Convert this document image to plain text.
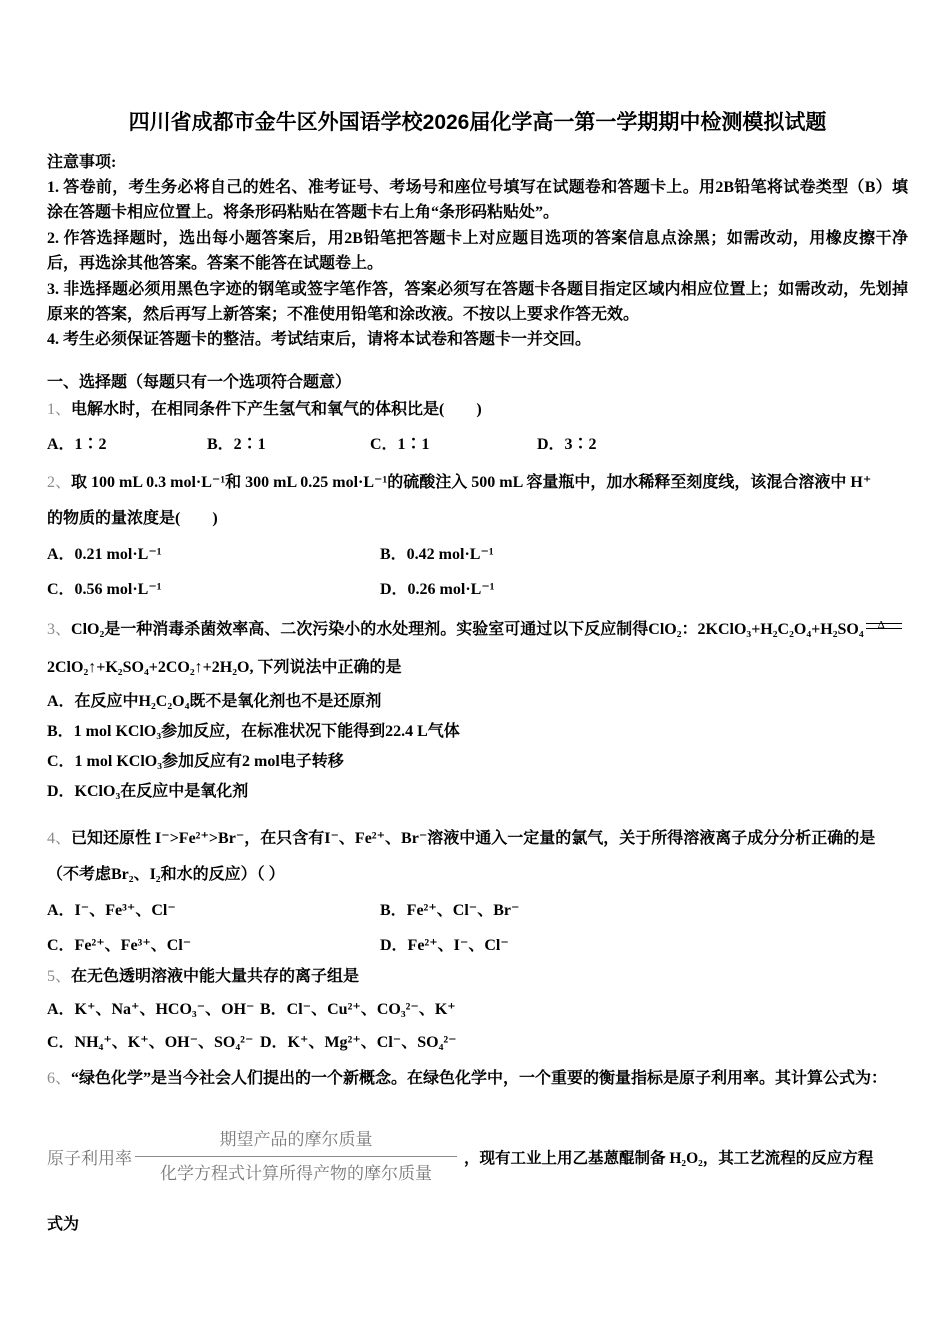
四川省成都市金牛区外国语学校2026届化学高一第一学期期中检测模拟试题

注意事项:

1. 答卷前，考生务必将自己的姓名、准考证号、考场号和座位号填写在试题卷和答题卡上。用2B铅笔将试卷类型（B）填涂在答题卡相应位置上。将条形码粘贴在答题卡右上角“条形码粘贴处”。

2. 作答选择题时，选出每小题答案后，用2B铅笔把答题卡上对应题目选项的答案信息点涂黑；如需改动，用橡皮擦干净后，再选涂其他答案。答案不能答在试题卷上。

3. 非选择题必须用黑色字迹的钢笔或签字笔作答，答案必须写在答题卡各题目指定区域内相应位置上；如需改动，先划掉原来的答案，然后再写上新答案；不准使用铅笔和涂改液。不按以上要求作答无效。

4. 考生必须保证答题卡的整洁。考试结束后，请将本试卷和答题卡一并交回。

一、选择题（每题只有一个选项符合题意）

1、电解水时，在相同条件下产生氢气和氧气的体积比是(　　)

A．1∶2	B．2∶1	C．1∶1	D．3∶2

2、取 100 mL 0.3 mol·L⁻¹和 300 mL 0.25 mol·L⁻¹的硫酸注入 500 mL 容量瓶中，加水稀释至刻度线，该混合溶液中 H⁺
的物质的量浓度是(　　)

A．0.21 mol·L⁻¹	B．0.42 mol·L⁻¹
C．0.56 mol·L⁻¹	D．0.26 mol·L⁻¹

3、ClO₂是一种消毒杀菌效率高、二次污染小的水处理剂。实验室可通过以下反应制得ClO₂：2KClO₃+H₂C₂O₄+H₂SO₄ Δ

2ClO₂↑+K₂SO₄+2CO₂↑+2H₂O, 下列说法中正确的是

A．在反应中H₂C₂O₄既不是氧化剂也不是还原剂

B．1 mol KClO₃参加反应，在标准状况下能得到22.4 L气体

C．1 mol KClO₃参加反应有2 mol电子转移

D．KClO₃在反应中是氧化剂

4、已知还原性 I⁻>Fe²⁺>Br⁻，在只含有I⁻、Fe²⁺、Br⁻溶液中通入一定量的氯气，关于所得溶液离子成分分析正确的是
（不考虑Br₂、I₂和水的反应）（ ）

A．I⁻、Fe³⁺、Cl⁻	B．Fe²⁺、Cl⁻、Br⁻
C．Fe²⁺、Fe³⁺、Cl⁻	D．Fe²⁺、I⁻、Cl⁻

5、在无色透明溶液中能大量共存的离子组是

A．K⁺、Na⁺、HCO₃⁻、OH⁻ B．Cl⁻、Cu²⁺、CO₃²⁻、K⁺
C．NH₄⁺、K⁺、OH⁻、SO₄²⁻ D．K⁺、Mg²⁺、Cl⁻、SO₄²⁻

6、“绿色化学”是当今社会人们提出的一个新概念。在绿色化学中，一个重要的衡量指标是原子利用率。其计算公式为：

原子利用率 $\frac{\text{期望产品的摩尔质量}}{\text{化学方程式计算所得产物的摩尔质量}}$ ，现有工业上用乙基蒽醌制备 H₂O₂，其工艺流程的反应方程

式为
